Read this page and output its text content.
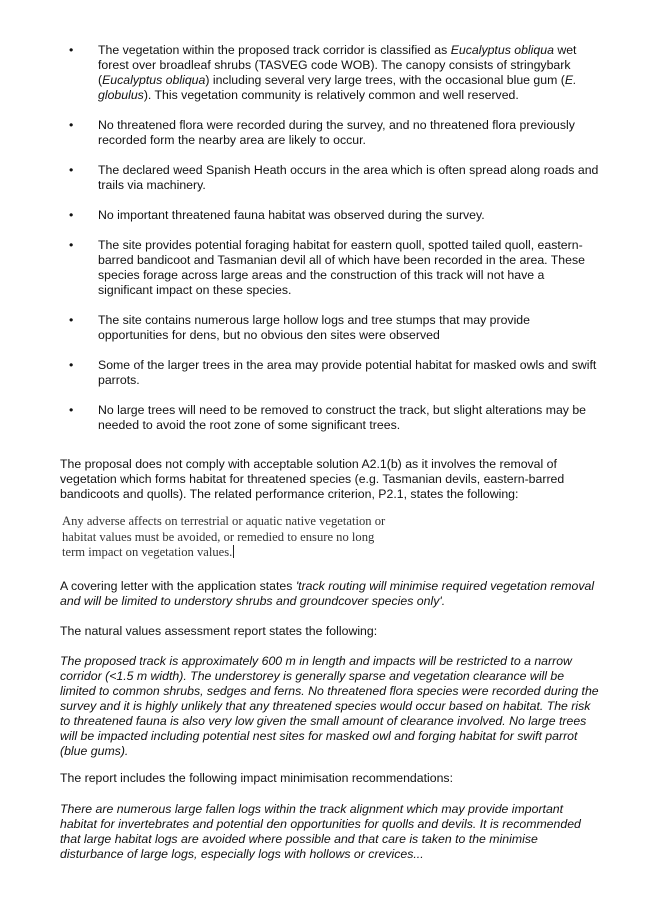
• The vegetation within the proposed track corridor is classified as Eucalyptus obliqua wet forest over broadleaf shrubs (TASVEG code WOB). The canopy consists of stringybark (Eucalyptus obliqua) including several very large trees, with the occasional blue gum (E. globulus). This vegetation community is relatively common and well reserved.
• No threatened flora were recorded during the survey, and no threatened flora previously recorded form the nearby area are likely to occur.
• The declared weed Spanish Heath occurs in the area which is often spread along roads and trails via machinery.
• No important threatened fauna habitat was observed during the survey.
• The site provides potential foraging habitat for eastern quoll, spotted tailed quoll, eastern-barred bandicoot and Tasmanian devil all of which have been recorded in the area. These species forage across large areas and the construction of this track will not have a significant impact on these species.
• The site contains numerous large hollow logs and tree stumps that may provide opportunities for dens, but no obvious den sites were observed
• Some of the larger trees in the area may provide potential habitat for masked owls and swift parrots.
• No large trees will need to be removed to construct the track, but slight alterations may be needed to avoid the root zone of some significant trees.

The proposal does not comply with acceptable solution A2.1(b) as it involves the removal of vegetation which forms habitat for threatened species (e.g. Tasmanian devils, eastern-barred bandicoots and quolls). The related performance criterion, P2.1, states the following:

Any adverse affects on terrestrial or aquatic native vegetation or
habitat values must be avoided, or remedied to ensure no long
term impact on vegetation values.

A covering letter with the application states 'track routing will minimise required vegetation removal and will be limited to understory shrubs and groundcover species only'.

The natural values assessment report states the following:

The proposed track is approximately 600 m in length and impacts will be restricted to a narrow corridor (<1.5 m width). The understorey is generally sparse and vegetation clearance will be limited to common shrubs, sedges and ferns. No threatened flora species were recorded during the survey and it is highly unlikely that any threatened species would occur based on habitat. The risk to threatened fauna is also very low given the small amount of clearance involved. No large trees will be impacted including potential nest sites for masked owl and forging habitat for swift parrot (blue gums).

The report includes the following impact minimisation recommendations:

There are numerous large fallen logs within the track alignment which may provide important habitat for invertebrates and potential den opportunities for quolls and devils. It is recommended that large habitat logs are avoided where possible and that care is taken to the minimise disturbance of large logs, especially logs with hollows or crevices...
